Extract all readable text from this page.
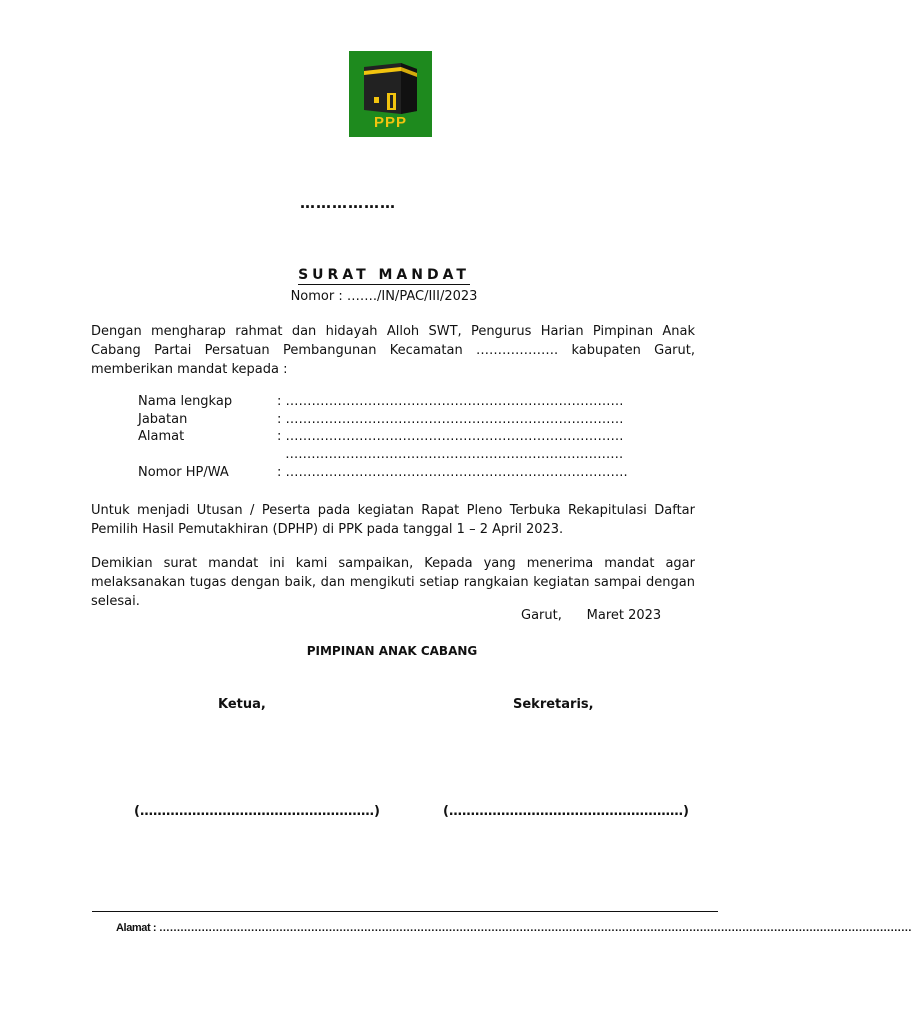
PPP
………………
SURAT MANDAT
Nomor : ……./IN/PAC/III/2023
Dengan mengharap rahmat dan hidayah Alloh SWT, Pengurus Harian Pimpinan Anak Cabang Partai Persatuan Pembangunan Kecamatan ………………. kabupaten Garut, memberikan mandat kepada :
Nama lengkap	: ……………………………………………………………………
Jabatan	: ……………………………………………………………………
Alamat	: ……………………………………………………………………
……………………………………………………………………
Nomor HP/WA	: …………………………………………………………………….
Untuk menjadi Utusan / Peserta pada kegiatan Rapat Pleno Terbuka Rekapitulasi Daftar Pemilih Hasil Pemutakhiran (DPHP) di PPK pada tanggal 1 – 2 April 2023.
Demikian surat mandat ini kami sampaikan, Kepada yang menerima mandat agar melaksanakan tugas dengan baik, dan mengikuti setiap rangkaian kegiatan sampai dengan selesai.
Garut,      Maret 2023
PIMPINAN ANAK CABANG
Ketua,	Sekretaris,
(………………………………………………)	(………………………………………………)
Alamat : ……………………………………………………………………………………………………………………………………………………………………………………………
